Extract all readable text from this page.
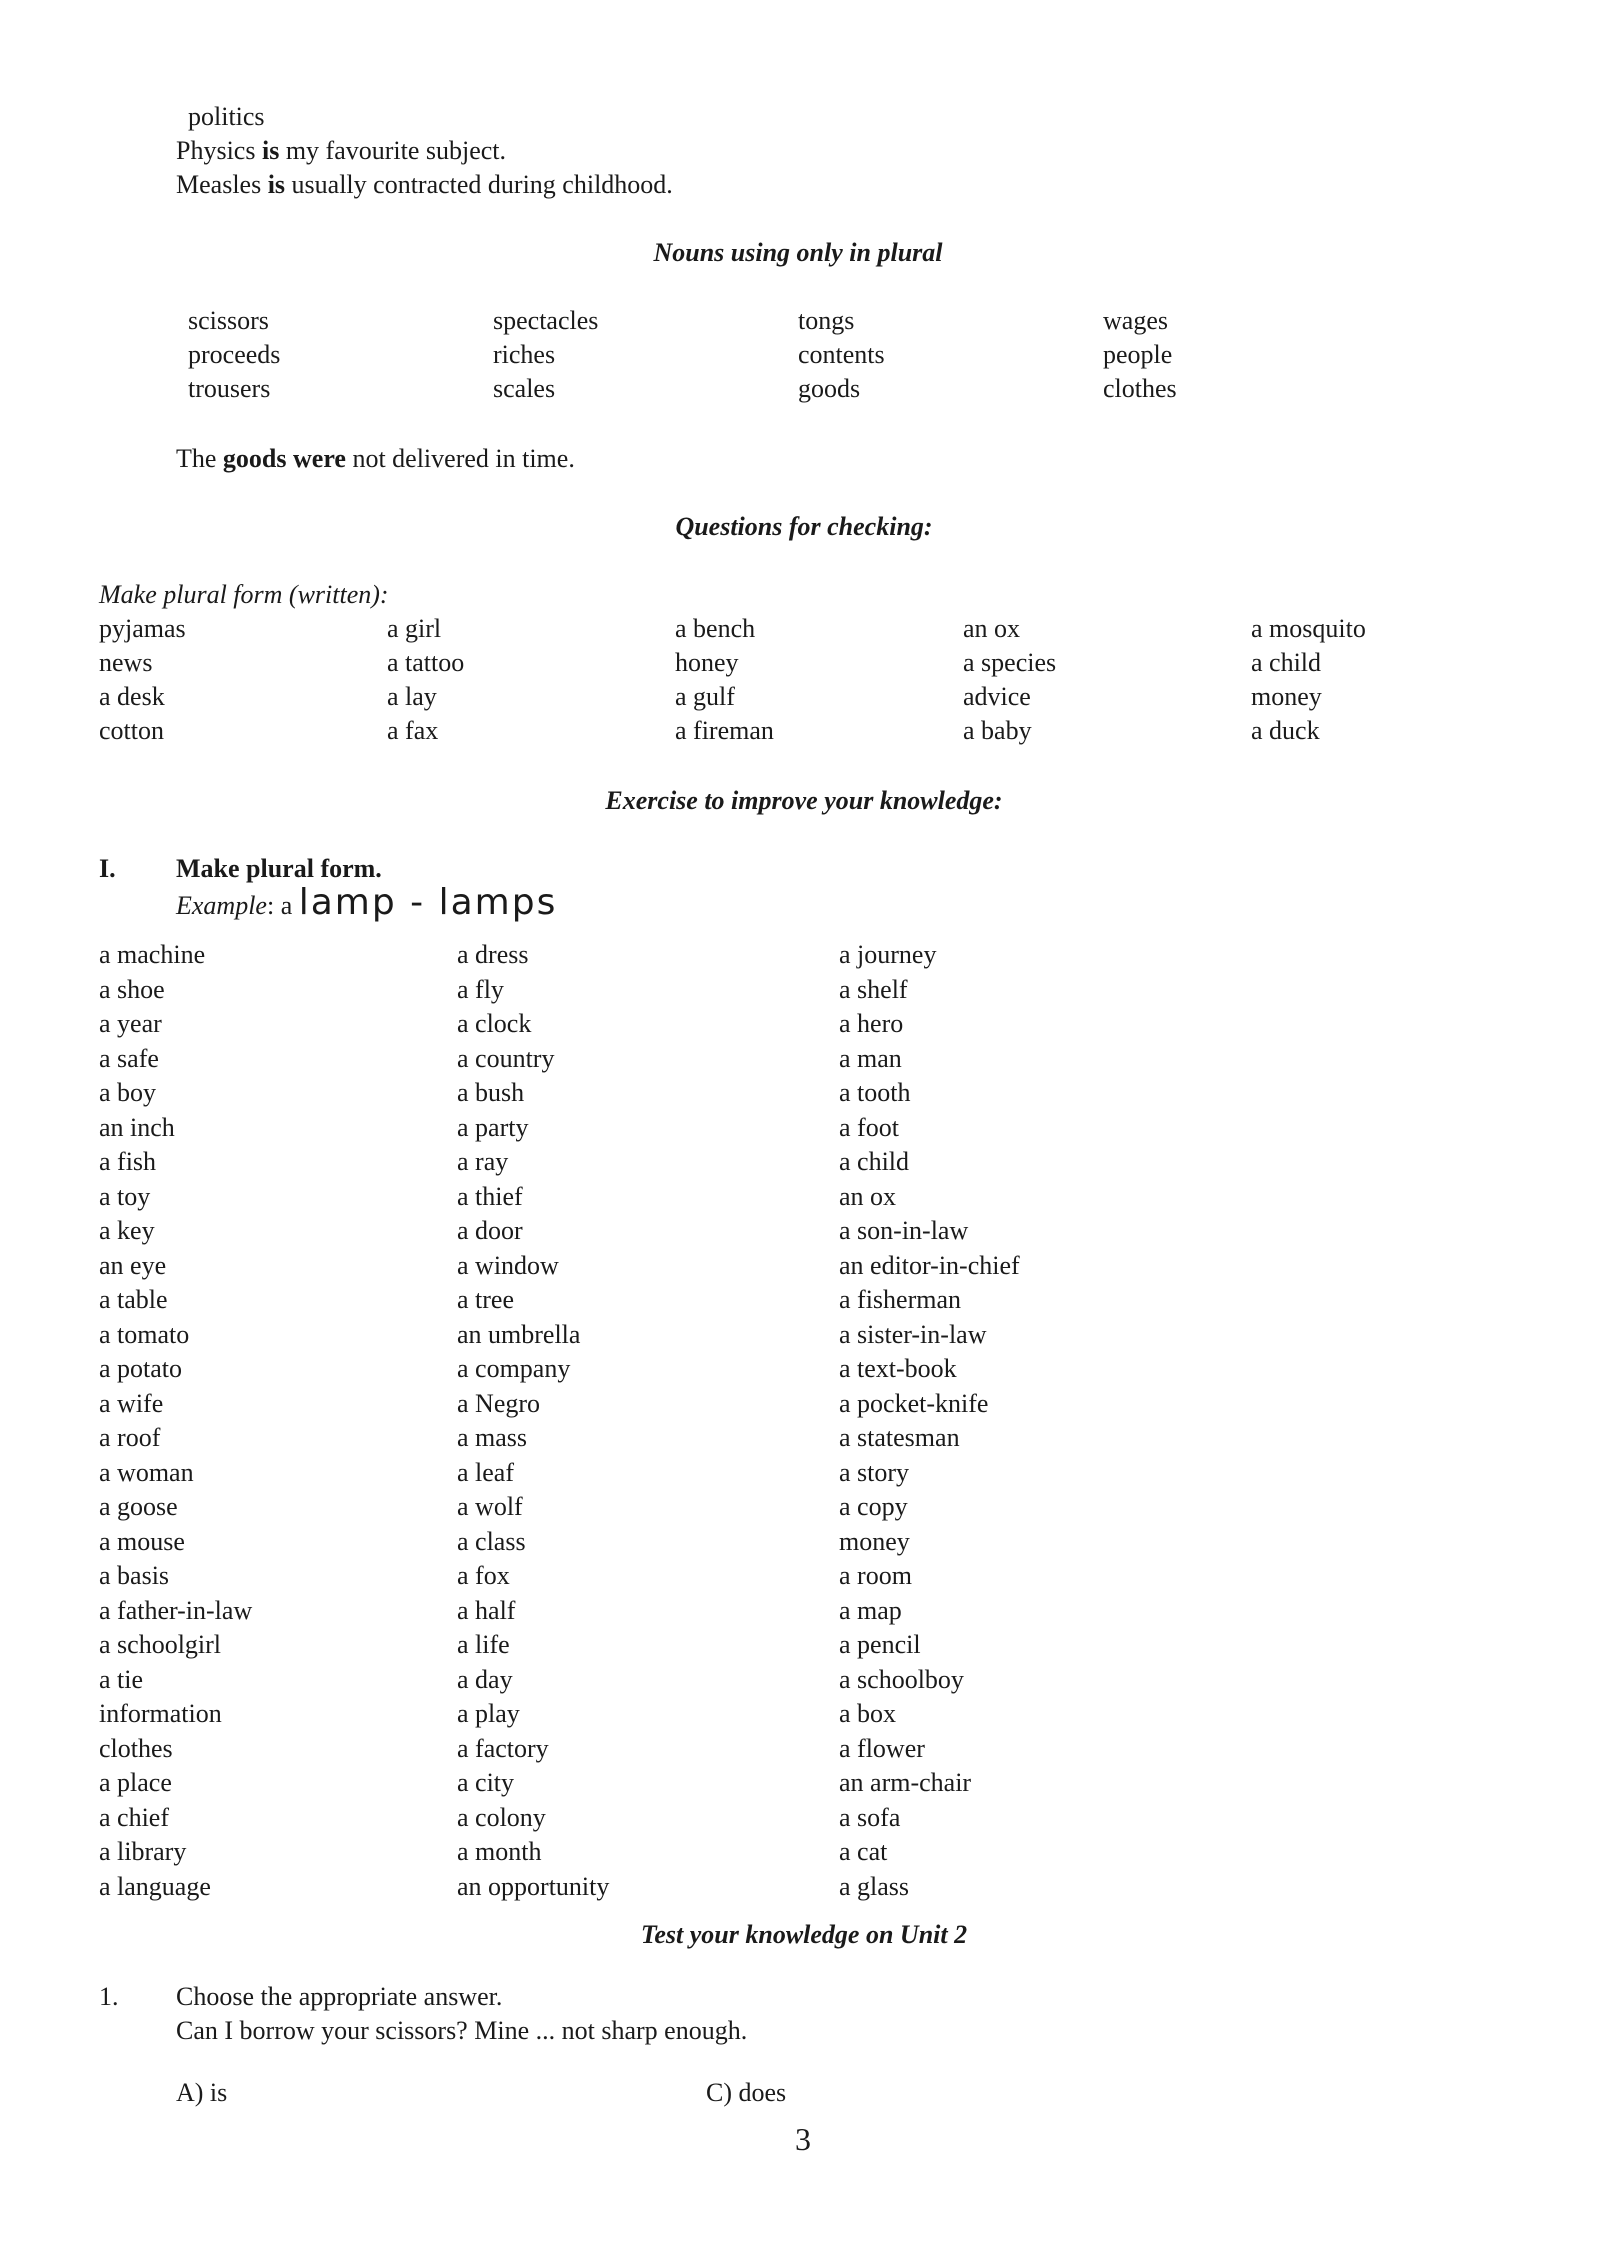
politics
Physics is my favourite subject.
Measles is usually contracted during childhood.
Nouns using only in plural
scissors
proceeds
trousers
spectacles
riches
scales
tongs
contents
goods
wages
people
clothes
The goods were not delivered in time.
Questions for checking:
Make plural form (written):
pyjamas
news
a desk
cotton
a girl
a tattoo
a lay
a fax
a bench
honey
a gulf
a fireman
an ox
a species
advice
a baby
a mosquito
a child
money
a duck
Exercise to improve your knowledge:
I. Make plural form.
Example: a lamp - lamps
a machine
a shoe
a year
a safe
a boy
an inch
a fish
a toy
a key
an eye
a table
a tomato
a potato
a wife
a roof
a woman
a goose
a mouse
a basis
a father-in-law
a schoolgirl
a tie
information
clothes
a place
a chief
a library
a language
a dress
a fly
a clock
a country
a bush
a party
a ray
a thief
a door
a window
a tree
an umbrella
a company
a Negro
a mass
a leaf
a wolf
a class
a fox
a half
a life
a day
a play
a factory
a city
a colony
a month
an opportunity
a journey
a shelf
a hero
a man
a tooth
a foot
a child
an ox
a son-in-law
an editor-in-chief
a fisherman
a sister-in-law
a text-book
a pocket-knife
a statesman
a story
a copy
money
a room
a map
a pencil
a schoolboy
a box
a flower
an arm-chair
a sofa
a cat
a glass
Test your knowledge on Unit 2
1. Choose the appropriate answer.
Can I borrow your scissors? Mine ... not sharp enough.
A) is	C) does
3
